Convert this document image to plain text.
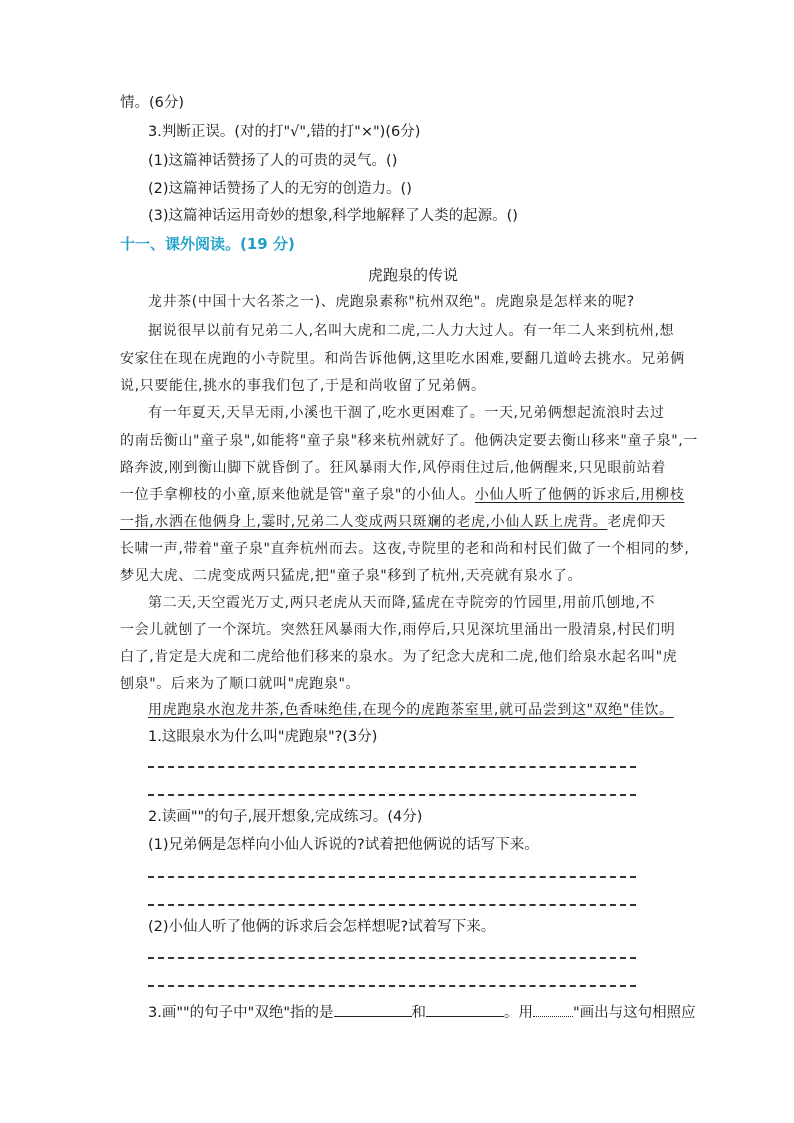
情。(6分)
3.判断正误。(对的打"√",错的打"×")(6分)
(1)这篇神话赞扬了人的可贵的灵气。()
(2)这篇神话赞扬了人的无穷的创造力。()
(3)这篇神话运用奇妙的想象,科学地解释了人类的起源。()
十一、课外阅读。(19 分)
虎跑泉的传说
龙井茶(中国十大名茶之一)、虎跑泉素称"杭州双绝"。虎跑泉是怎样来的呢?
据说很早以前有兄弟二人,名叫大虎和二虎,二人力大过人。有一年二人来到杭州,想
安家住在现在虎跑的小寺院里。和尚告诉他俩,这里吃水困难,要翻几道岭去挑水。兄弟俩
说,只要能住,挑水的事我们包了,于是和尚收留了兄弟俩。
有一年夏天,天旱无雨,小溪也干涸了,吃水更困难了。一天,兄弟俩想起流浪时去过
的南岳衡山"童子泉",如能将"童子泉"移来杭州就好了。他俩决定要去衡山移来"童子泉",一
路奔波,刚到衡山脚下就昏倒了。狂风暴雨大作,风停雨住过后,他俩醒来,只见眼前站着
一位手拿柳枝的小童,原来他就是管"童子泉"的小仙人。小仙人听了他俩的诉求后,用柳枝
一指,水洒在他俩身上,霎时,兄弟二人变成两只斑斓的老虎,小仙人跃上虎背。老虎仰天
长啸一声,带着"童子泉"直奔杭州而去。这夜,寺院里的老和尚和村民们做了一个相同的梦,
梦见大虎、二虎变成两只猛虎,把"童子泉"移到了杭州,天亮就有泉水了。
第二天,天空霞光万丈,两只老虎从天而降,猛虎在寺院旁的竹园里,用前爪刨地,不
一会儿就刨了一个深坑。突然狂风暴雨大作,雨停后,只见深坑里涌出一股清泉,村民们明
白了,肯定是大虎和二虎给他们移来的泉水。为了纪念大虎和二虎,他们给泉水起名叫"虎
刨泉"。后来为了顺口就叫"虎跑泉"。
用虎跑泉水泡龙井茶,色香味绝佳,在现今的虎跑茶室里,就可品尝到这"双绝"佳饮。
1.这眼泉水为什么叫"虎跑泉"?(3分)
2.读画""的句子,展开想象,完成练习。(4分)
(1)兄弟俩是怎样向小仙人诉说的?试着把他俩说的话写下来。
(2)小仙人听了他俩的诉求后会怎样想呢?试着写下来。
3.画""的句子中"双绝"指的是	和	。用	"画出与这句相照应
